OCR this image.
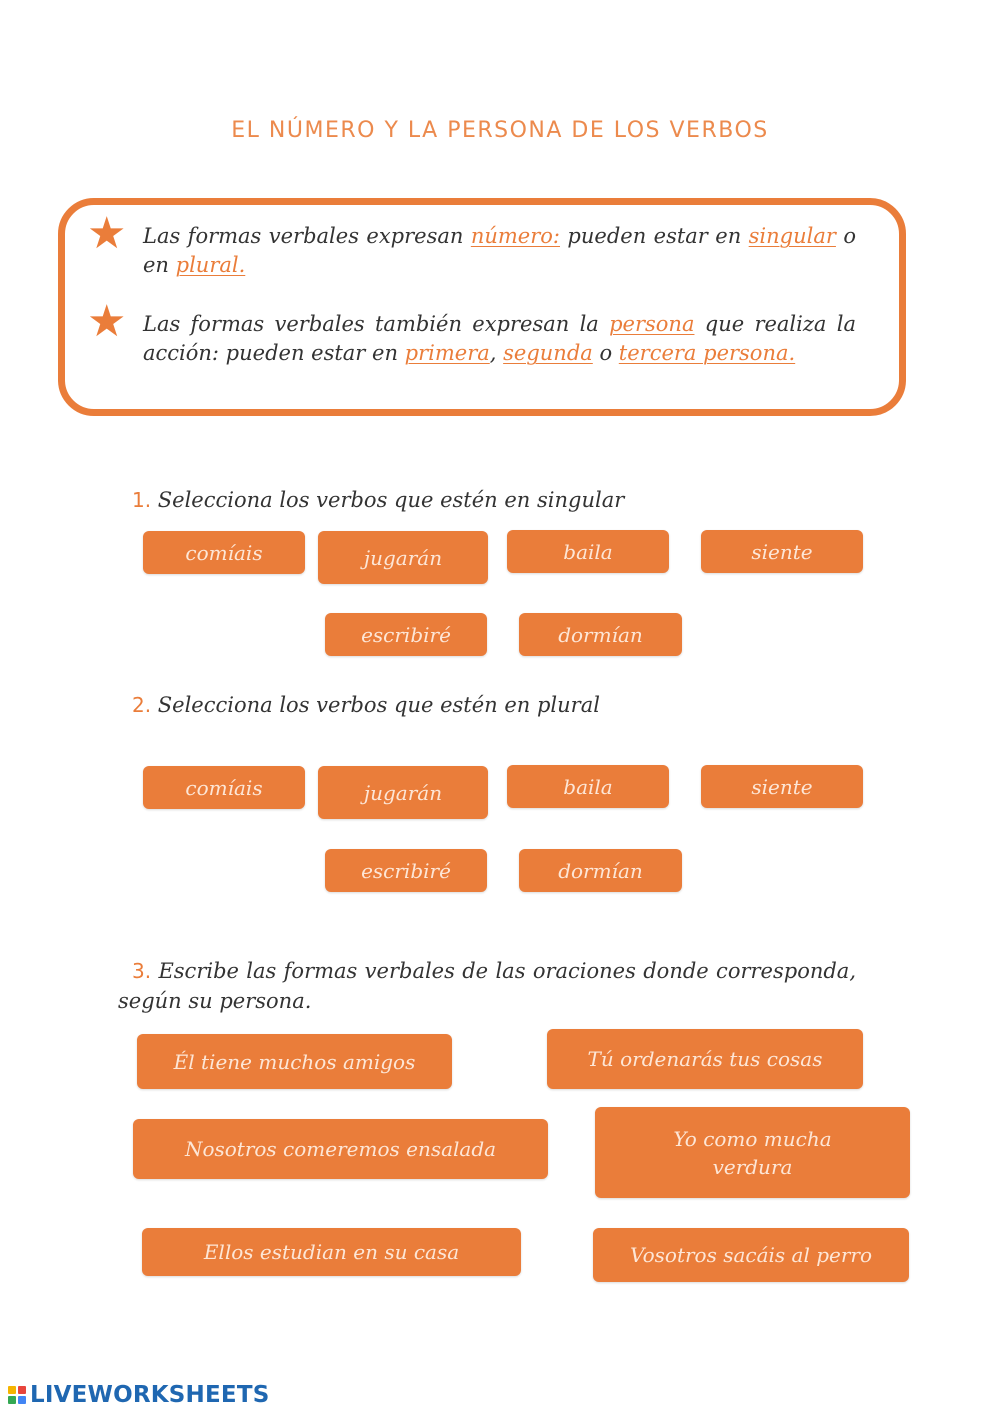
EL NÚMERO Y LA PERSONA DE LOS VERBOS
★ Las formas verbales expresan número: pueden estar en singular o en plural.
★ Las formas verbales también expresan la persona que realiza la acción: pueden estar en primera, segunda o tercera persona.
1. Selecciona los verbos que estén en singular
comíais	jugarán	baila	siente
escribiré	dormían
2. Selecciona los verbos que estén en plural
comíais	jugarán	baila	siente
escribiré	dormían
3. Escribe las formas verbales de las oraciones donde corresponda, según su persona.
Él tiene muchos amigos	Tú ordenarás tus cosas
Nosotros comeremos ensalada	Yo como mucha verdura
Ellos estudian en su casa	Vosotros sacáis al perro
LIVEWORKSHEETS
